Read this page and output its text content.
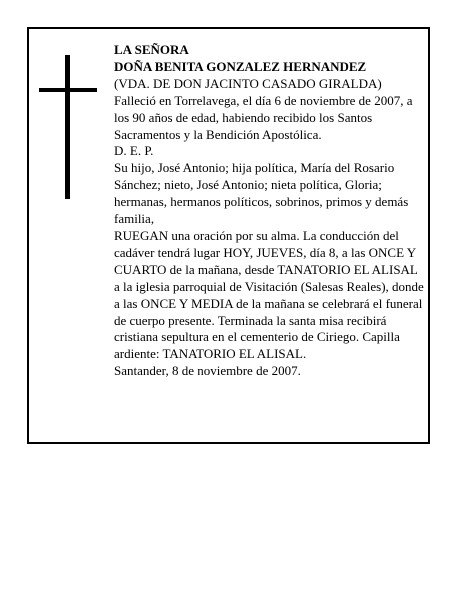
LA SEÑORA

DOÑA BENITA GONZALEZ HERNANDEZ

(VDA. DE DON JACINTO CASADO GIRALDA)

Falleció en Torrelavega, el día 6 de noviembre de 2007, a los 90 años de edad, habiendo recibido los Santos Sacramentos y la Bendición Apostólica.

D. E. P.

Su hijo, José Antonio; hija política, María del Rosario Sánchez; nieto, José Antonio; nieta política, Gloria; hermanas, hermanos políticos, sobrinos, primos y demás familia,

RUEGAN una oración por su alma. La conducción del cadáver tendrá lugar HOY, JUEVES, día 8, a las ONCE Y CUARTO de la mañana, desde TANATORIO EL ALISAL a la iglesia parroquial de Visitación (Salesas Reales), donde a las ONCE Y MEDIA de la mañana se celebrará el funeral de cuerpo presente. Terminada la santa misa recibirá cristiana sepultura en el cementerio de Ciriego. Capilla ardiente: TANATORIO EL ALISAL.

Santander, 8 de noviembre de 2007.
